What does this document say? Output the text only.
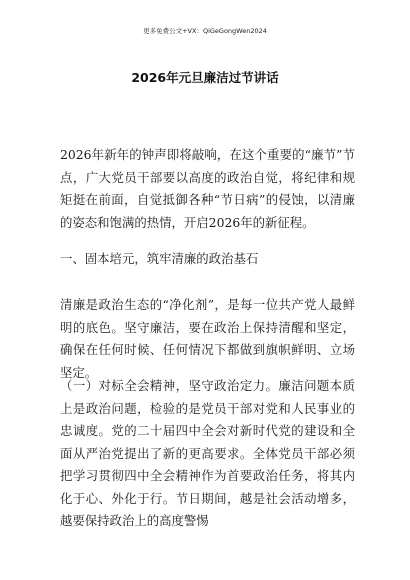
更多免费公文+VX：QiGeGongWen2024
2026年元旦廉洁过节讲话
2026年新年的钟声即将敲响，在这个重要的“廉节”节点，广大党员干部要以高度的政治自觉，将纪律和规矩挺在前面，自觉抵御各种“节日病”的侵蚀，以清廉的姿态和饱满的热情，开启2026年的新征程。
一、固本培元，筑牢清廉的政治基石
清廉是政治生态的“净化剂”，是每一位共产党人最鲜明的底色。坚守廉洁，要在政治上保持清醒和坚定，确保在任何时候、任何情况下都做到旗帜鲜明、立场坚定。
（一）对标全会精神，坚守政治定力。廉洁问题本质上是政治问题，检验的是党员干部对党和人民事业的忠诚度。党的二十届四中全会对新时代党的建设和全面从严治党提出了新的更高要求。全体党员干部必须把学习贯彻四中全会精神作为首要政治任务，将其内化于心、外化于行。节日期间，越是社会活动增多，越要保持政治上的高度警惕
